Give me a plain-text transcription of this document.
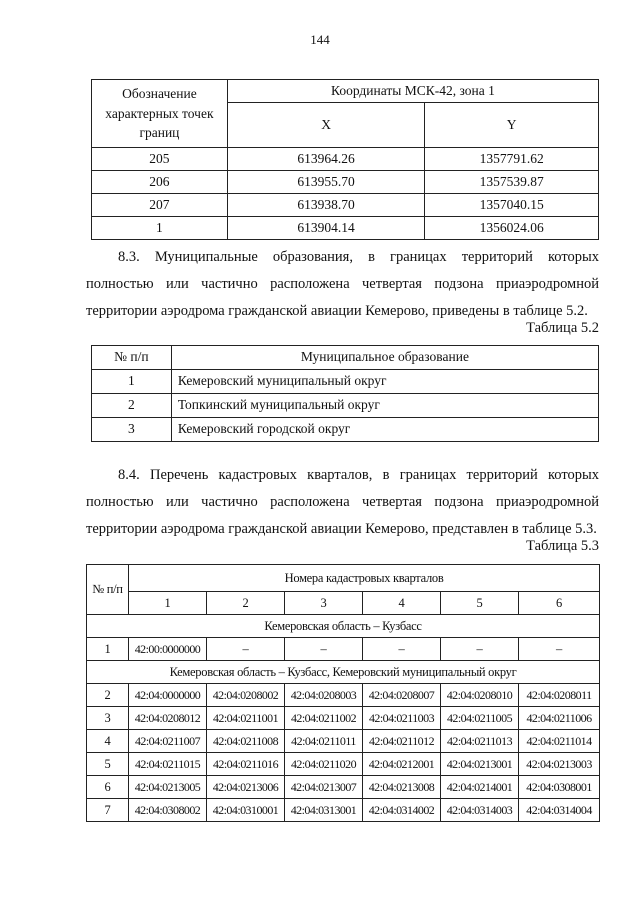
144
Обозначение характерных точек границ	Координаты МСК-42, зона 1	
	X	Y
205	613964.26	1357791.62
206	613955.70	1357539.87
207	613938.70	1357040.15
1	613904.14	1356024.06
8.3. Муниципальные образования, в границах территорий которых полностью или частично расположена четвертая подзона приаэродромной территории аэродрома гражданской авиации Кемерово, приведены в таблице 5.2.
Таблица 5.2
№ п/п	Муниципальное образование
1	Кемеровский муниципальный округ
2	Топкинский муниципальный округ
3	Кемеровский городской округ
8.4. Перечень кадастровых кварталов, в границах территорий которых полностью или частично расположена четвертая подзона приаэродромной территории аэродрома гражданской авиации Кемерово, представлен в таблице 5.3.
Таблица 5.3
№ п/п	Номера кадастровых кварталов					
	1	2	3	4	5	6
Кемеровская область – Кузбасс						
1	42:00:0000000	–	–	–	–	–
Кемеровская область – Кузбасс, Кемеровский муниципальный округ						
2	42:04:0000000	42:04:0208002	42:04:0208003	42:04:0208007	42:04:0208010	42:04:0208011
3	42:04:0208012	42:04:0211001	42:04:0211002	42:04:0211003	42:04:0211005	42:04:0211006
4	42:04:0211007	42:04:0211008	42:04:0211011	42:04:0211012	42:04:0211013	42:04:0211014
5	42:04:0211015	42:04:0211016	42:04:0211020	42:04:0212001	42:04:0213001	42:04:0213003
6	42:04:0213005	42:04:0213006	42:04:0213007	42:04:0213008	42:04:0214001	42:04:0308001
7	42:04:0308002	42:04:0310001	42:04:0313001	42:04:0314002	42:04:0314003	42:04:0314004
